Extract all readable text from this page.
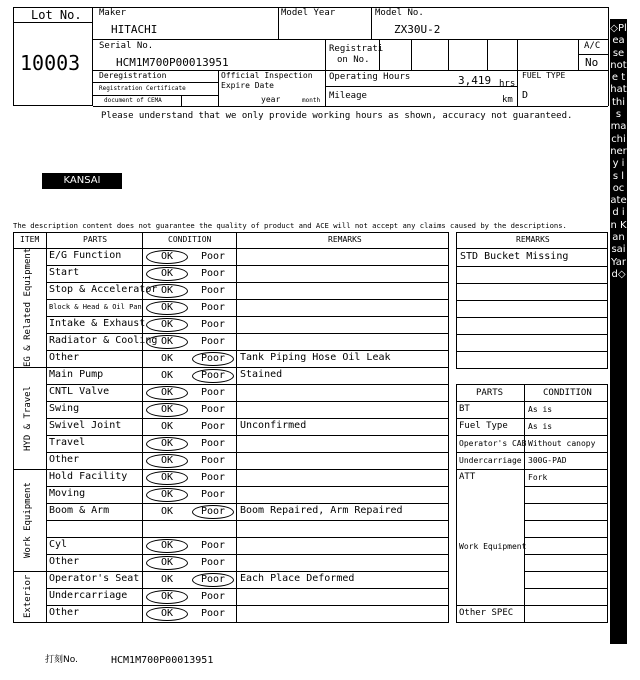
Lot No.
10003
Maker
HITACHI
Model Year	Model No.
ZX30U-2
Serial No.
HCM1M700P00013951
Registrati
on No.
A/C
No
Deregistration
Registration Certificate
document of CEMA
Official Inspection
Expire Date
year	month
Operating Hours	3,419 hrs
Mileage	km
FUEL TYPE
D
Please understand that we only provide working hours as shown, accuracy not guaranteed.
KANSAI
The description content does not guarantee the quality of product and ACE will not accept any claims caused by the descriptions.
◇Please note that this machinery is located in Kansai Yard◇
ITEM	PARTS	CONDITION	REMARKS
EG & Related Equipment E/G Function	OK	Poor
Start	OK	Poor
Stop & Accelerator OK	Poor
Block & Head & Oil Pan	OK	Poor
Intake & Exhaust	OK	Poor
Radiator & Cooling OK	Poor
Other	OK	Poor Tank Piping Hose Oil Leak
HYD & Travel
Main Pump	OK	Poor Stained
CNTL Valve	OK	Poor
Swing	OK	Poor
Swivel Joint	OK	Poor Unconfirmed
Travel	OK	Poor
Other	OK	Poor
Work Equipment
Hold Facility	OK	Poor
Moving	OK	Poor
Boom & Arm	OK	Poor Boom Repaired, Arm Repaired
Cyl	OK	Poor
Other	OK	Poor
Exterior Operator's Seat	OK	Poor Each Place Deformed
Undercarriage	OK	Poor
Other	OK	Poor
REMARKS
STD Bucket Missing
PARTS	CONDITION
BT	As is
Fuel Type	As is
Operator's CAB Without canopy
Undercarriage 300G-PAD
ATT	Fork
Work Equipment
Other SPEC
打刻No.	HCM1M700P00013951
